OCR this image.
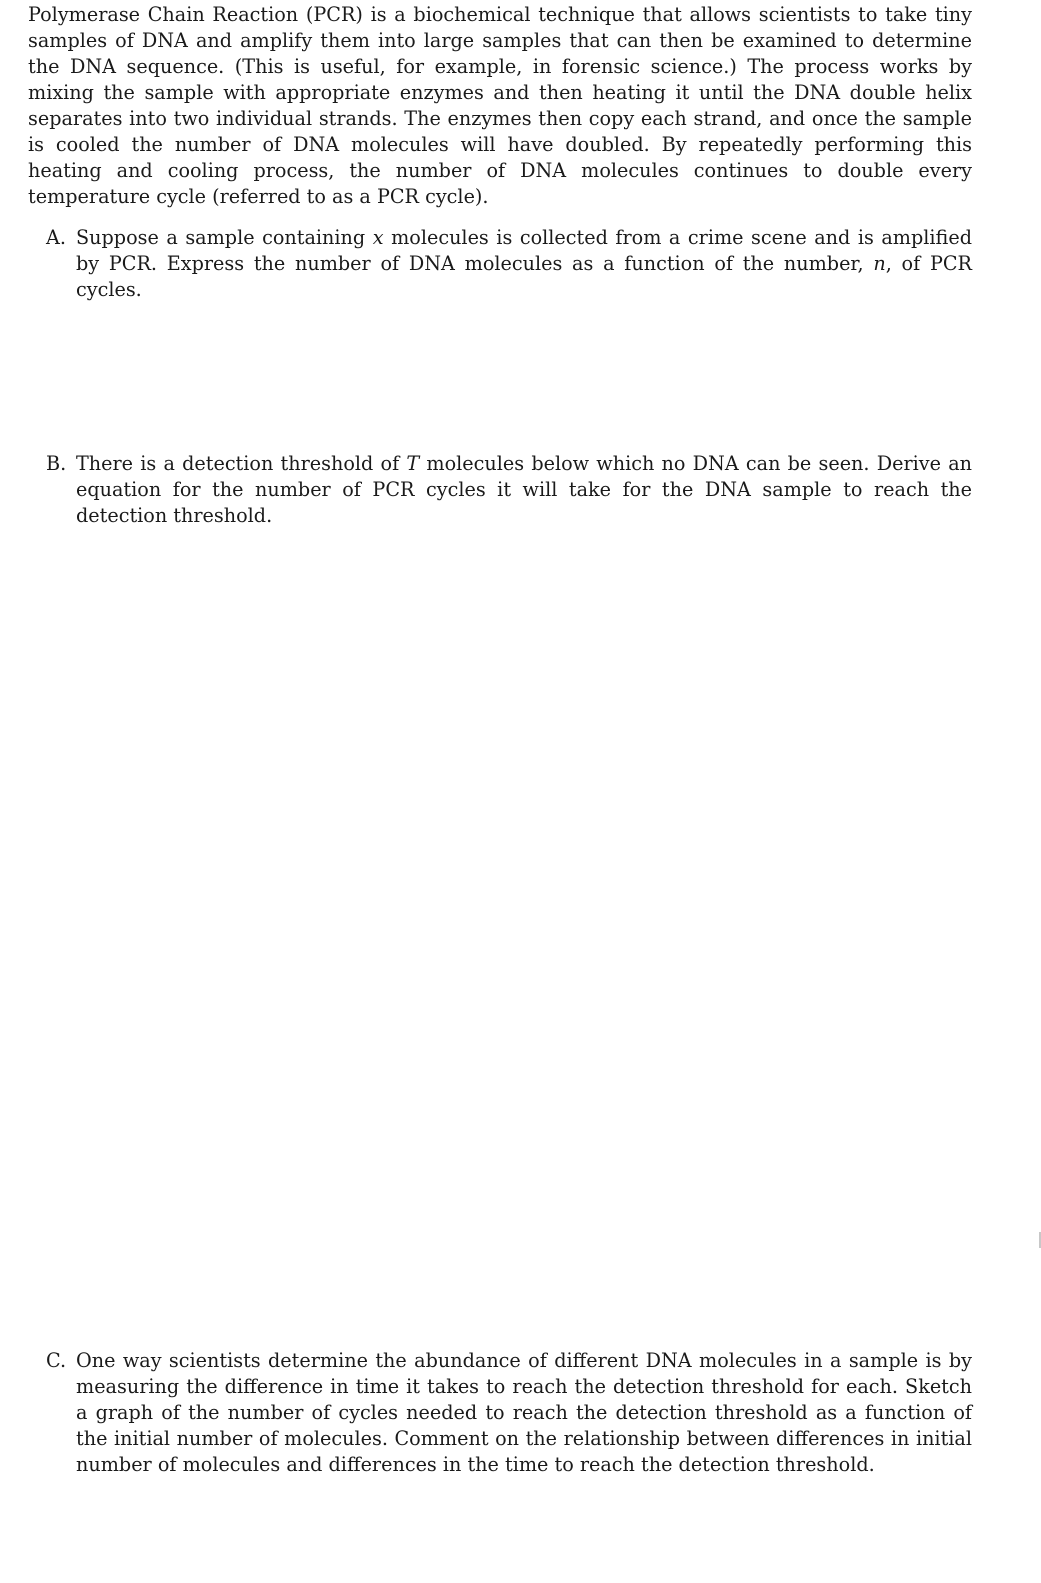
Polymerase Chain Reaction (PCR) is a biochemical technique that allows scientists to take tiny samples of DNA and amplify them into large samples that can then be examined to determine the DNA sequence. (This is useful, for example, in forensic science.) The process works by mixing the sample with appropriate enzymes and then heating it until the DNA double helix separates into two individual strands. The enzymes then copy each strand, and once the sample is cooled the number of DNA molecules will have doubled. By repeatedly performing this heating and cooling process, the number of DNA molecules continues to double every temperature cycle (referred to as a PCR cycle).

A. Suppose a sample containing x molecules is collected from a crime scene and is amplified by PCR. Express the number of DNA molecules as a function of the number, n, of PCR cycles.
B. There is a detection threshold of T molecules below which no DNA can be seen. Derive an equation for the number of PCR cycles it will take for the DNA sample to reach the detection threshold.
C. One way scientists determine the abundance of different DNA molecules in a sample is by measuring the difference in time it takes to reach the detection threshold for each. Sketch a graph of the number of cycles needed to reach the detection threshold as a function of the initial number of molecules. Comment on the relationship between differences in initial number of molecules and differences in the time to reach the detection threshold.
